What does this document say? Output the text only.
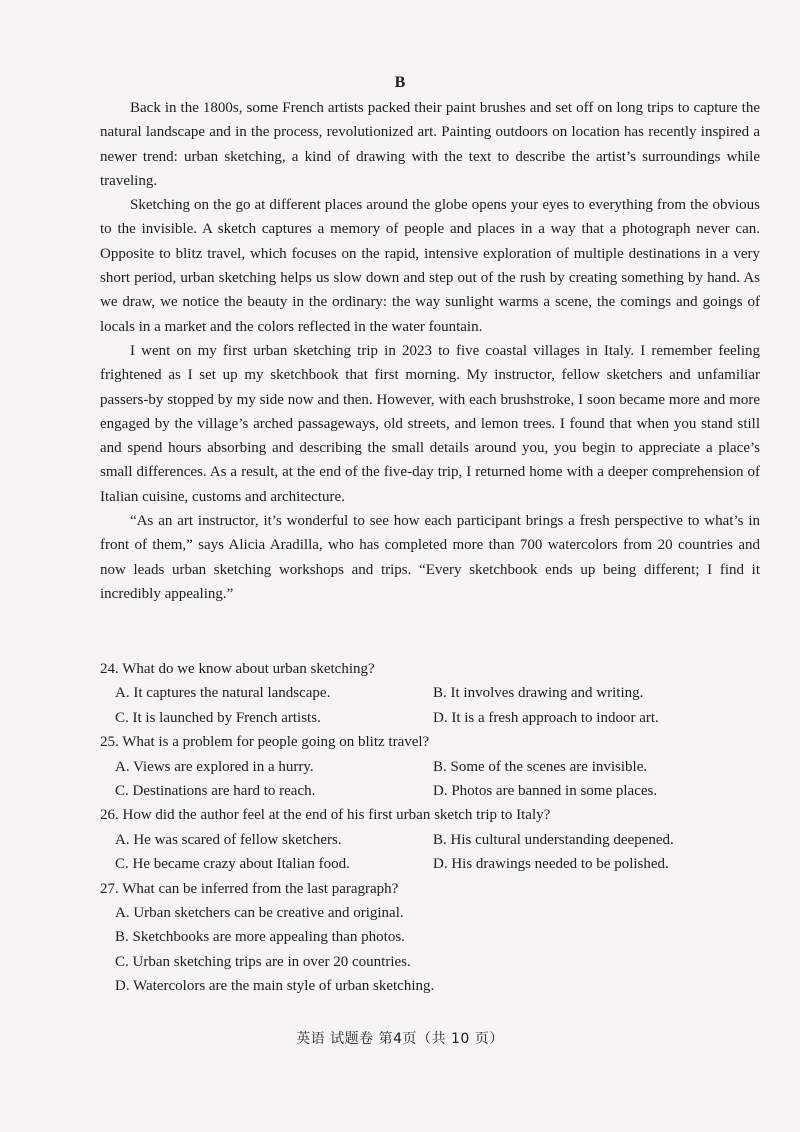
B

Back in the 1800s, some French artists packed their paint brushes and set off on long trips to capture the natural landscape and in the process, revolutionized art. Painting outdoors on location has recently inspired a newer trend: urban sketching, a kind of drawing with the text to describe the artist’s surroundings while traveling.

Sketching on the go at different places around the globe opens your eyes to everything from the obvious to the invisible. A sketch captures a memory of people and places in a way that a photograph never can. Opposite to blitz travel, which focuses on the rapid, intensive exploration of multiple destinations in a very short period, urban sketching helps us slow down and step out of the rush by creating something by hand. As we draw, we notice the beauty in the ordinary: the way sunlight warms a scene, the comings and goings of locals in a market and the colors reflected in the water fountain.

I went on my first urban sketching trip in 2023 to five coastal villages in Italy. I remember feeling frightened as I set up my sketchbook that first morning. My instructor, fellow sketchers and unfamiliar passers-by stopped by my side now and then. However, with each brushstroke, I soon became more and more engaged by the village’s arched passageways, old streets, and lemon trees. I found that when you stand still and spend hours absorbing and describing the small details around you, you begin to appreciate a place’s small differences. As a result, at the end of the five-day trip, I returned home with a deeper comprehension of Italian cuisine, customs and architecture.

“As an art instructor, it’s wonderful to see how each participant brings a fresh perspective to what’s in front of them,” says Alicia Aradilla, who has completed more than 700 watercolors from 20 countries and now leads urban sketching workshops and trips. “Every sketchbook ends up being different; I find it incredibly appealing.”

24. What do we know about urban sketching?
A. It captures the natural landscape.	B. It involves drawing and writing.
C. It is launched by French artists.	D. It is a fresh approach to indoor art.
25. What is a problem for people going on blitz travel?
A. Views are explored in a hurry.	B. Some of the scenes are invisible.
C. Destinations are hard to reach.	D. Photos are banned in some places.
26. How did the author feel at the end of his first urban sketch trip to Italy?
A. He was scared of fellow sketchers.	B. His cultural understanding deepened.
C. He became crazy about Italian food.	D. His drawings needed to be polished.
27. What can be inferred from the last paragraph?
A. Urban sketchers can be creative and original.
B. Sketchbooks are more appealing than photos.
C. Urban sketching trips are in over 20 countries.
D. Watercolors are the main style of urban sketching.
英语 试题卷 第4页（共 10 页）
